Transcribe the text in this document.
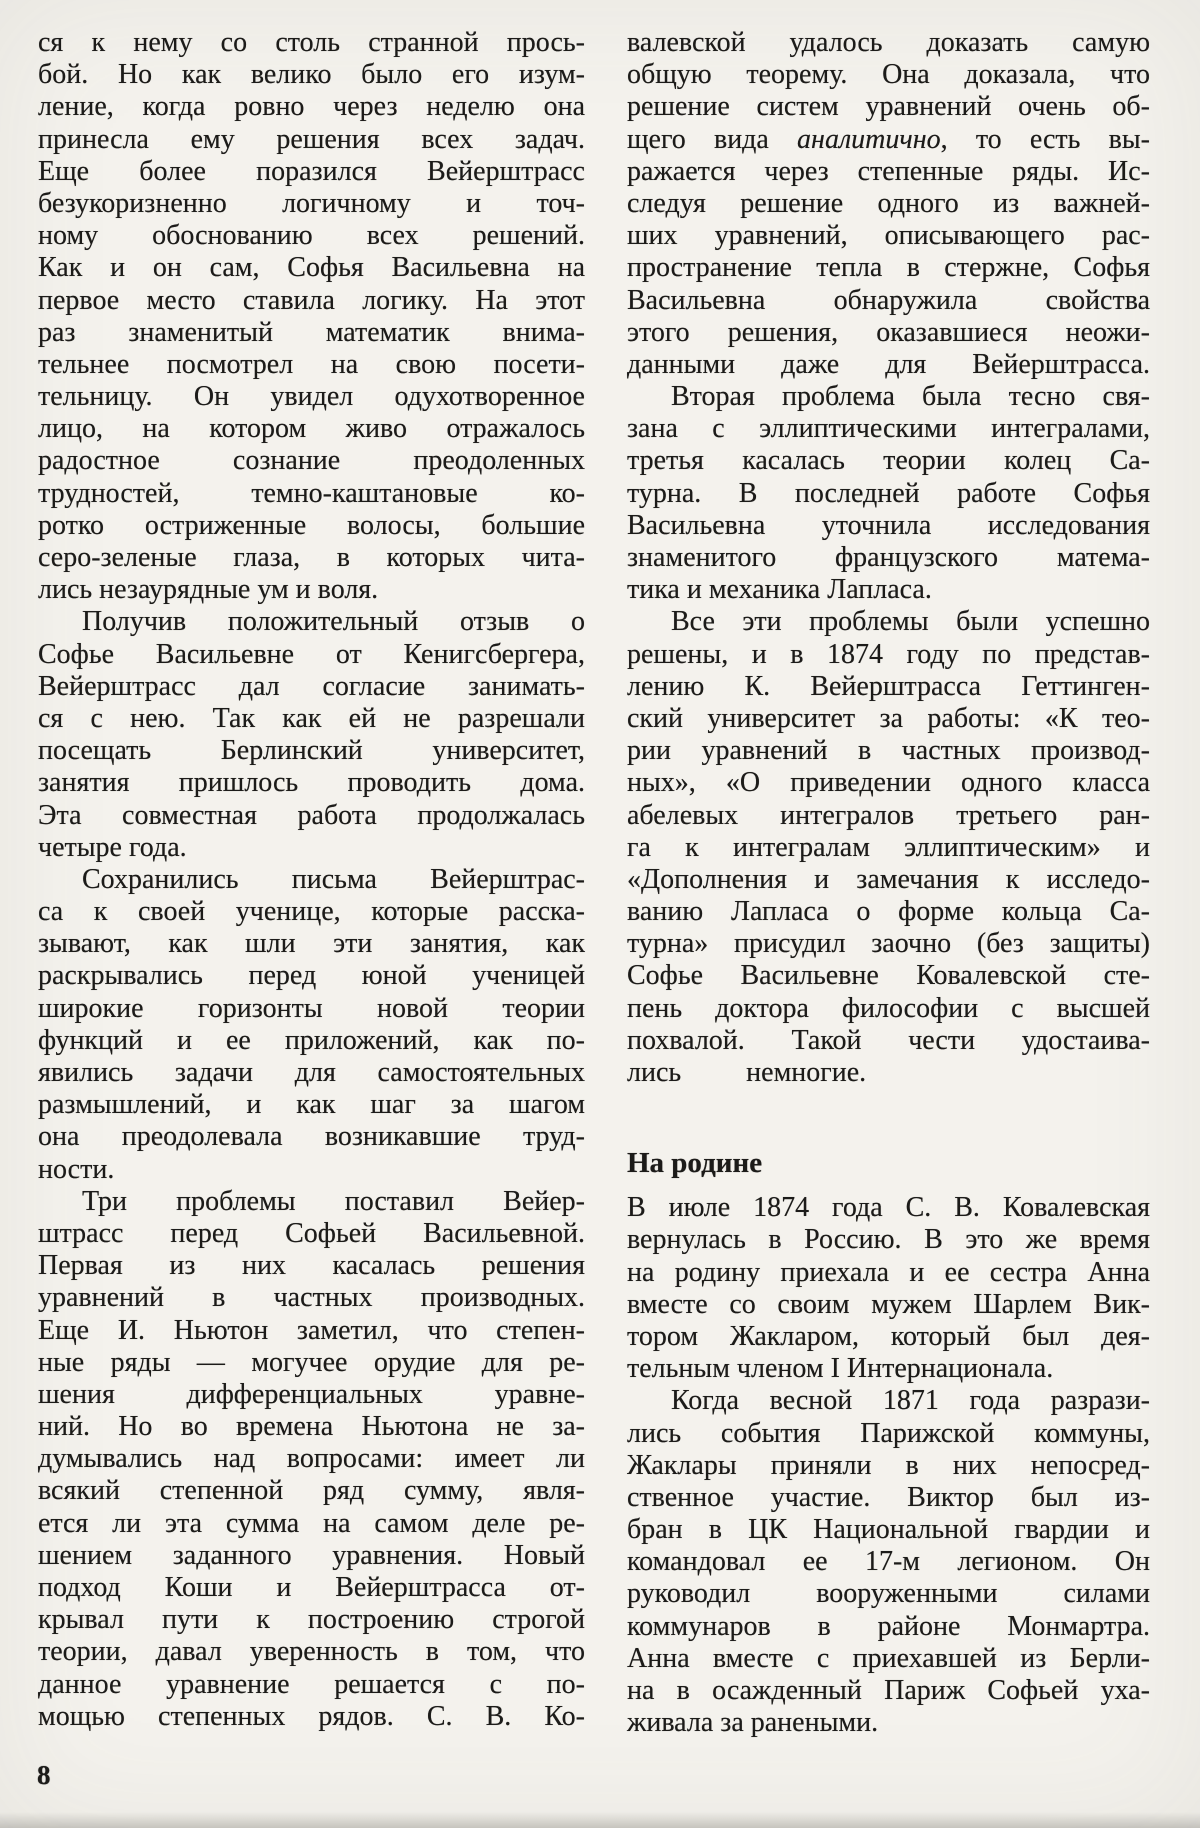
ся к нему со столь странной прось-
бой. Но как велико было его изум-
ление, когда ровно через неделю она
принесла ему решения всех задач.
Еще более поразился Вейерштрасс
безукоризненно логичному и точ-
ному обоснованию всех решений.
Как и он сам, Софья Васильевна на
первое место ставила логику. На этот
раз знаменитый математик внима-
тельнее посмотрел на свою посети-
тельницу. Он увидел одухотворенное
лицо, на котором живо отражалось
радостное сознание преодоленных
трудностей, темно-каштановые ко-
ротко остриженные волосы, большие
серо-зеленые глаза, в которых чита-
лись незаурядные ум и воля.
Получив положительный отзыв о
Софье Васильевне от Кенигсбергера,
Вейерштрасс дал согласие занимать-
ся с нею. Так как ей не разрешали
посещать Берлинский университет,
занятия пришлось проводить дома.
Эта совместная работа продолжалась
четыре года.
Сохранились письма Вейерштрас-
са к своей ученице, которые расска-
зывают, как шли эти занятия, как
раскрывались перед юной ученицей
широкие горизонты новой теории
функций и ее приложений, как по-
явились задачи для самостоятельных
размышлений, и как шаг за шагом
она преодолевала возникавшие труд-
ности.
Три проблемы поставил Вейер-
штрасс перед Софьей Васильевной.
Первая из них касалась решения
уравнений в частных производных.
Еще И. Ньютон заметил, что степен-
ные ряды — могучее орудие для ре-
шения дифференциальных уравне-
ний. Но во времена Ньютона не за-
думывались над вопросами: имеет ли
всякий степенной ряд сумму, явля-
ется ли эта сумма на самом деле ре-
шением заданного уравнения. Новый
подход Коши и Вейерштрасса от-
крывал пути к построению строгой
теории, давал уверенность в том, что
данное уравнение решается с по-
мощью степенных рядов. С. В. Ко-
валевской удалось доказать самую
общую теорему. Она доказала, что
решение систем уравнений очень об-
щего вида аналитично, то есть вы-
ражается через степенные ряды. Ис-
следуя решение одного из важней-
ших уравнений, описывающего рас-
пространение тепла в стержне, Софья
Васильевна обнаружила свойства
этого решения, оказавшиеся неожи-
данными даже для Вейерштрасса.
Вторая проблема была тесно свя-
зана с эллиптическими интегралами,
третья касалась теории колец Са-
турна. В последней работе Софья
Васильевна уточнила исследования
знаменитого французского матема-
тика и механика Лапласа.
Все эти проблемы были успешно
решены, и в 1874 году по представ-
лению К. Вейерштрасса Геттинген-
ский университет за работы: «К тео-
рии уравнений в частных производ-
ных», «О приведении одного класса
абелевых интегралов третьего ран-
га к интегралам эллиптическим» и
«Дополнения и замечания к исследо-
ванию Лапласа о форме кольца Са-
турна» присудил заочно (без защиты)
Софье Васильевне Ковалевской сте-
пень доктора философии с высшей
похвалой. Такой чести удостаива-
лись немногие.
На родине
В июле 1874 года С. В. Ковалевская
вернулась в Россию. В это же время
на родину приехала и ее сестра Анна
вместе со своим мужем Шарлем Вик-
тором Жакларом, который был дея-
тельным членом I Интернационала.
Когда весной 1871 года разрази-
лись события Парижской коммуны,
Жаклары приняли в них непосред-
ственное участие. Виктор был из-
бран в ЦК Национальной гвардии и
командовал ее 17-м легионом. Он
руководил вооруженными силами
коммунаров в районе Монмартра.
Анна вместе с приехавшей из Берли-
на в осажденный Париж Софьей уха-
живала за ранеными.
8
